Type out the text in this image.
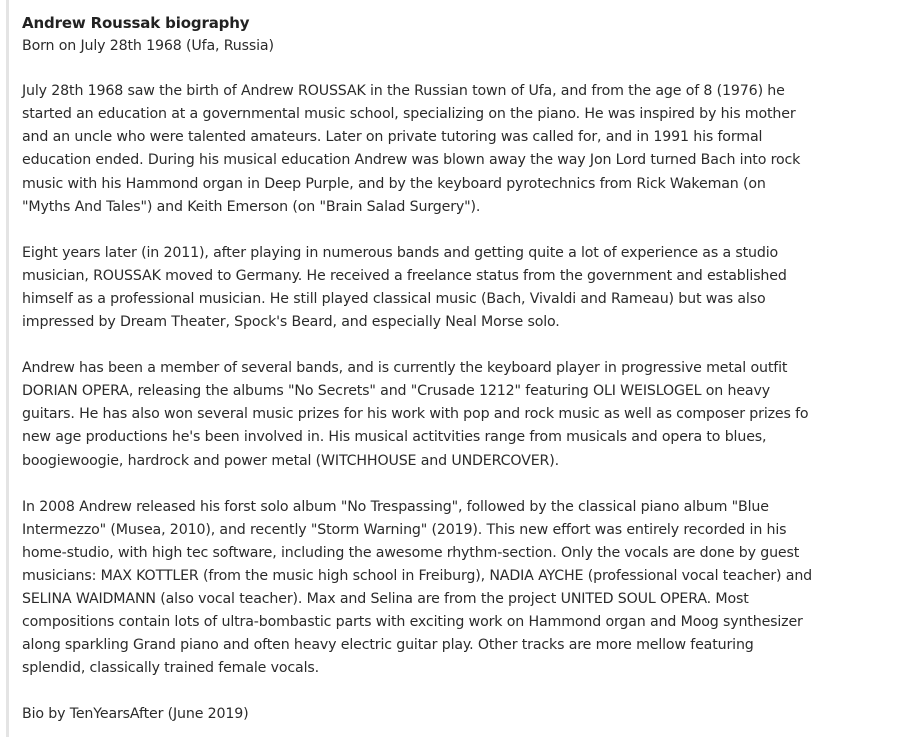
Andrew Roussak biography
Born on July 28th 1968 (Ufa, Russia)
July 28th 1968 saw the birth of Andrew ROUSSAK in the Russian town of Ufa, and from the age of 8 (1976) he
started an education at a governmental music school, specializing on the piano. He was inspired by his mother
and an uncle who were talented amateurs. Later on private tutoring was called for, and in 1991 his formal
education ended. During his musical education Andrew was blown away the way Jon Lord turned Bach into rock
music with his Hammond organ in Deep Purple, and by the keyboard pyrotechnics from Rick Wakeman (on
"Myths And Tales") and Keith Emerson (on "Brain Salad Surgery").
Eight years later (in 2011), after playing in numerous bands and getting quite a lot of experience as a studio
musician, ROUSSAK moved to Germany. He received a freelance status from the government and established
himself as a professional musician. He still played classical music (Bach, Vivaldi and Rameau) but was also
impressed by Dream Theater, Spock's Beard, and especially Neal Morse solo.
Andrew has been a member of several bands, and is currently the keyboard player in progressive metal outfit
DORIAN OPERA, releasing the albums "No Secrets" and "Crusade 1212" featuring OLI WEISLOGEL on heavy
guitars. He has also won several music prizes for his work with pop and rock music as well as composer prizes fo
new age productions he's been involved in. His musical actitvities range from musicals and opera to blues,
boogiewoogie, hardrock and power metal (WITCHHOUSE and UNDERCOVER).
In 2008 Andrew released his forst solo album "No Trespassing", followed by the classical piano album "Blue
Intermezzo" (Musea, 2010), and recently "Storm Warning" (2019). This new effort was entirely recorded in his
home-studio, with high tec software, including the awesome rhythm-section. Only the vocals are done by guest
musicians: MAX KOTTLER (from the music high school in Freiburg), NADIA AYCHE (professional vocal teacher) and
SELINA WAIDMANN (also vocal teacher). Max and Selina are from the project UNITED SOUL OPERA. Most
compositions contain lots of ultra-bombastic parts with exciting work on Hammond organ and Moog synthesizer
along sparkling Grand piano and often heavy electric guitar play. Other tracks are more mellow featuring
splendid, classically trained female vocals.
Bio by TenYearsAfter (June 2019)
